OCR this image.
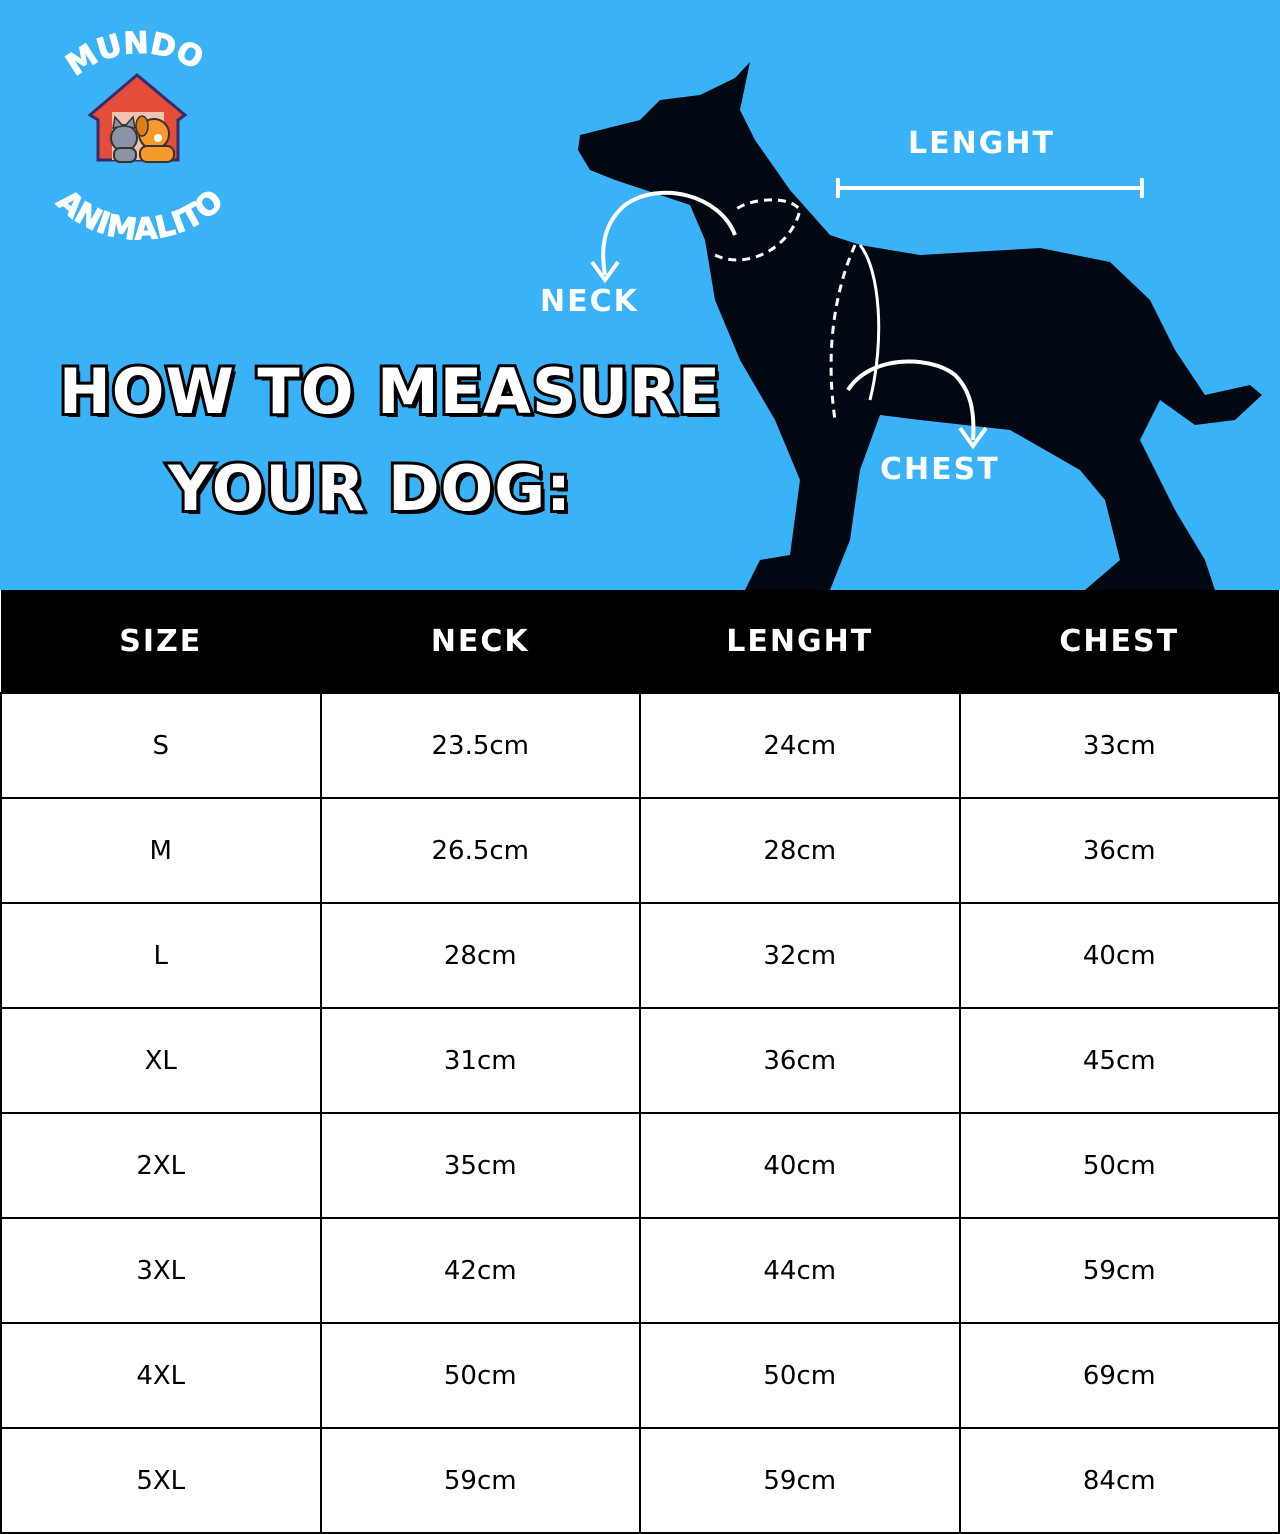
MUNDO
ANIMALITO
HOW TO MEASURE
YOUR DOG:
NECK
LENGHT
CHEST
SIZE	NECK	LENGHT	CHEST
S	23.5cm	24cm	33cm
M	26.5cm	28cm	36cm
L	28cm	32cm	40cm
XL	31cm	36cm	45cm
2XL	35cm	40cm	50cm
3XL	42cm	44cm	59cm
4XL	50cm	50cm	69cm
5XL	59cm	59cm	84cm
